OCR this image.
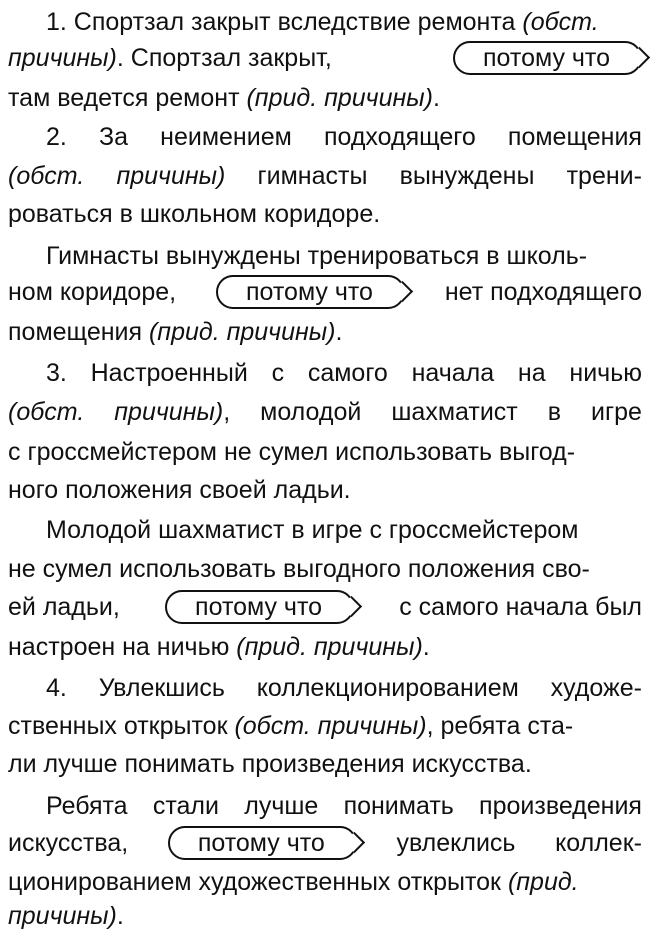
1. Спортзал закрыт вследствие ремонта (обст.
причины). Спортзал закрыт,	потому что
там ведется ремонт (прид. причины).
2. За неимением подходящего помещения
(обст. причины) гимнасты вынуждены трени-
роваться в школьном коридоре.
Гимнасты вынуждены тренироваться в школь-
ном коридоре,	потому что	нет подходящего
помещения (прид. причины).
3. Настроенный с самого начала на ничью
(обст. причины), молодой шахматист в игре
с гроссмейстером не сумел использовать выгод-
ного положения своей ладьи.
Молодой шахматист в игре с гроссмейстером
не сумел использовать выгодного положения сво-
ей ладьи,	потому что	с самого начала был
настроен на ничью (прид. причины).
4. Увлекшись коллекционированием художе-
ственных открыток (обст. причины), ребята ста-
ли лучше понимать произведения искусства.
Ребята стали лучше понимать произведения
искусства,	потому что	увлеклись коллек-
ционированием художественных открыток (прид.
причины).
